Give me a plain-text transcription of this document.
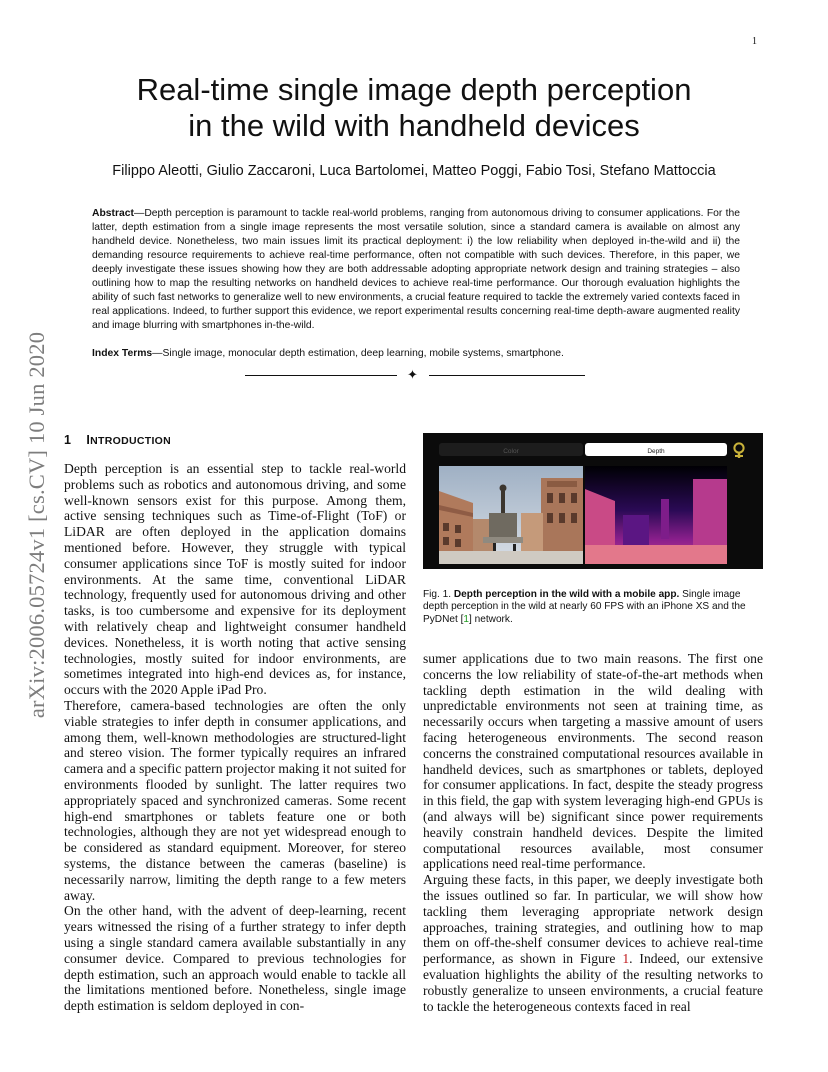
1
Real-time single image depth perception
in the wild with handheld devices
Filippo Aleotti, Giulio Zaccaroni, Luca Bartolomei, Matteo Poggi, Fabio Tosi, Stefano Mattoccia
Abstract—Depth perception is paramount to tackle real-world problems, ranging from autonomous driving to consumer applications. For the latter, depth estimation from a single image represents the most versatile solution, since a standard camera is available on almost any handheld device. Nonetheless, two main issues limit its practical deployment: i) the low reliability when deployed in-the-wild and ii) the demanding resource requirements to achieve real-time performance, often not compatible with such devices. Therefore, in this paper, we deeply investigate these issues showing how they are both addressable adopting appropriate network design and training strategies – also outlining how to map the resulting networks on handheld devices to achieve real-time performance. Our thorough evaluation highlights the ability of such fast networks to generalize well to new environments, a crucial feature required to tackle the extremely varied contexts faced in real applications. Indeed, to further support this evidence, we report experimental results concerning real-time depth-aware augmented reality and image blurring with smartphones in-the-wild.
Index Terms—Single image, monocular depth estimation, deep learning, mobile systems, smartphone.
✦
arXiv:2006.05724v1 [cs.CV] 10 Jun 2020 1 INTRODUCTION

Depth perception is an essential step to tackle real-world problems such as robotics and autonomous driving, and some well-known sensors exist for this purpose. Among them, active sensing techniques such as Time-of-Flight (ToF) or LiDAR are often deployed in the application domains mentioned before. However, they struggle with typical consumer applications since ToF is mostly suited for indoor environments. At the same time, conventional LiDAR technology, frequently used for autonomous driving and other tasks, is too cumbersome and expensive for its deployment with relatively cheap and lightweight consumer handheld devices. Nonetheless, it is worth noting that active sensing technologies, mostly suited for indoor environments, are sometimes integrated into high-end devices as, for instance, occurs with the 2020 Apple iPad Pro.

Therefore, camera-based technologies are often the only viable strategies to infer depth in consumer applications, and among them, well-known methodologies are structured-light and stereo vision. The former typically requires an infrared camera and a specific pattern projector making it not suited for environments flooded by sunlight. The latter requires two appropriately spaced and synchronized cameras. Some recent high-end smartphones or tablets feature one or both technologies, although they are not yet widespread enough to be considered as standard equipment. Moreover, for stereo systems, the distance between the cameras (baseline) is necessarily narrow, limiting the depth range to a few meters away.

On the other hand, with the advent of deep-learning, recent years witnessed the rising of a further strategy to infer depth using a single standard camera available substantially in any consumer device. Compared to previous technologies for depth estimation, such an approach would enable to tackle all the limitations mentioned before. Nonetheless, single image depth estimation is seldom deployed in con-

Color	Depth
Fig. 1. Depth perception in the wild with a mobile app. Single image depth perception in the wild at nearly 60 FPS with an iPhone XS and the PyDNet [1] network.

sumer applications due to two main reasons. The first one concerns the low reliability of state-of-the-art methods when tackling depth estimation in the wild dealing with unpredictable environments not seen at training time, as necessarily occurs when targeting a massive amount of users facing heterogeneous environments. The second reason concerns the constrained computational resources available in handheld devices, such as smartphones or tablets, deployed for consumer applications. In fact, despite the steady progress in this field, the gap with system leveraging high-end GPUs is (and always will be) significant since power requirements heavily constrain handheld devices. Despite the limited computational resources available, most consumer applications need real-time performance.

Arguing these facts, in this paper, we deeply investigate both the issues outlined so far. In particular, we will show how tackling them leveraging appropriate network design approaches, training strategies, and outlining how to map them on off-the-shelf consumer devices to achieve real-time performance, as shown in Figure 1. Indeed, our extensive evaluation highlights the ability of the resulting networks to robustly generalize to unseen environments, a crucial feature to tackle the heterogeneous contexts faced in real
